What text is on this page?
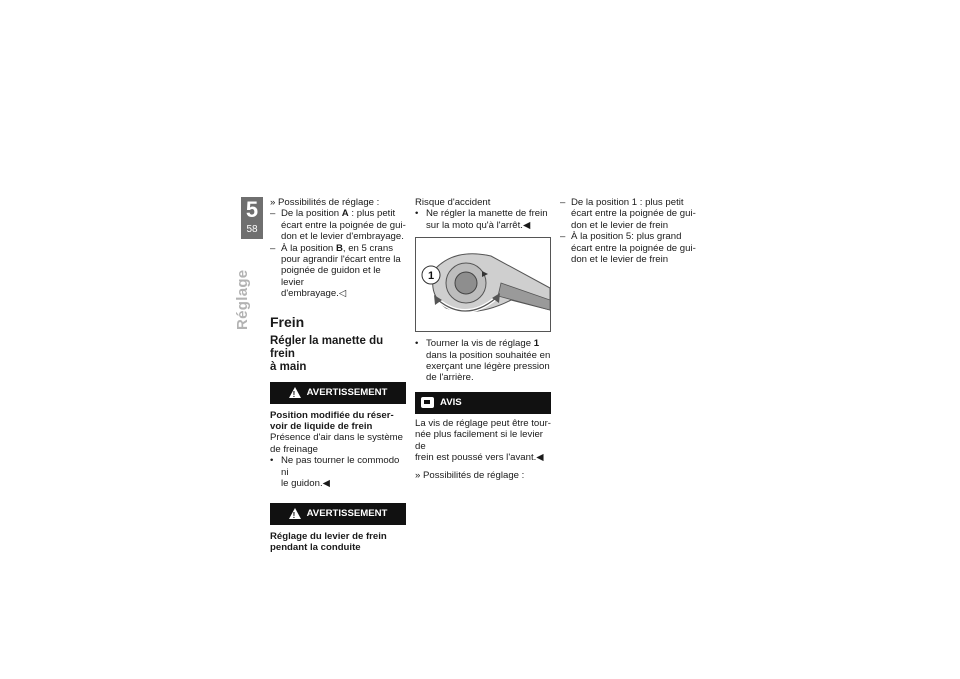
5
58
Réglage
» Possibilités de réglage :
– De la position A : plus petit
écart entre la poignée de gui-
don et le levier d'embrayage.
– À la position B, en 5 crans
pour agrandir l'écart entre la
poignée de guidon et le levier
d'embrayage.◁
Frein
Régler la manette du frein
à main
! AVERTISSEMENT
Position modifiée du réser-
voir de liquide de frein
Présence d'air dans le système
de freinage
• Ne pas tourner le commodo ni
le guidon.◀
! AVERTISSEMENT
Réglage du levier de frein
pendant la conduite
Risque d'accident
• Ne régler la manette de frein
sur la moto qu'à l'arrêt.◀
1
• Tourner la vis de réglage 1
dans la position souhaitée en
exerçant une légère pression
de l'arrière.
AVIS
La vis de réglage peut être tour-
née plus facilement si le levier de
frein est poussé vers l'avant.◀
» Possibilités de réglage :
– De la position 1 : plus petit
écart entre la poignée de gui-
don et le levier de frein
– À la position 5: plus grand
écart entre la poignée de gui-
don et le levier de frein
